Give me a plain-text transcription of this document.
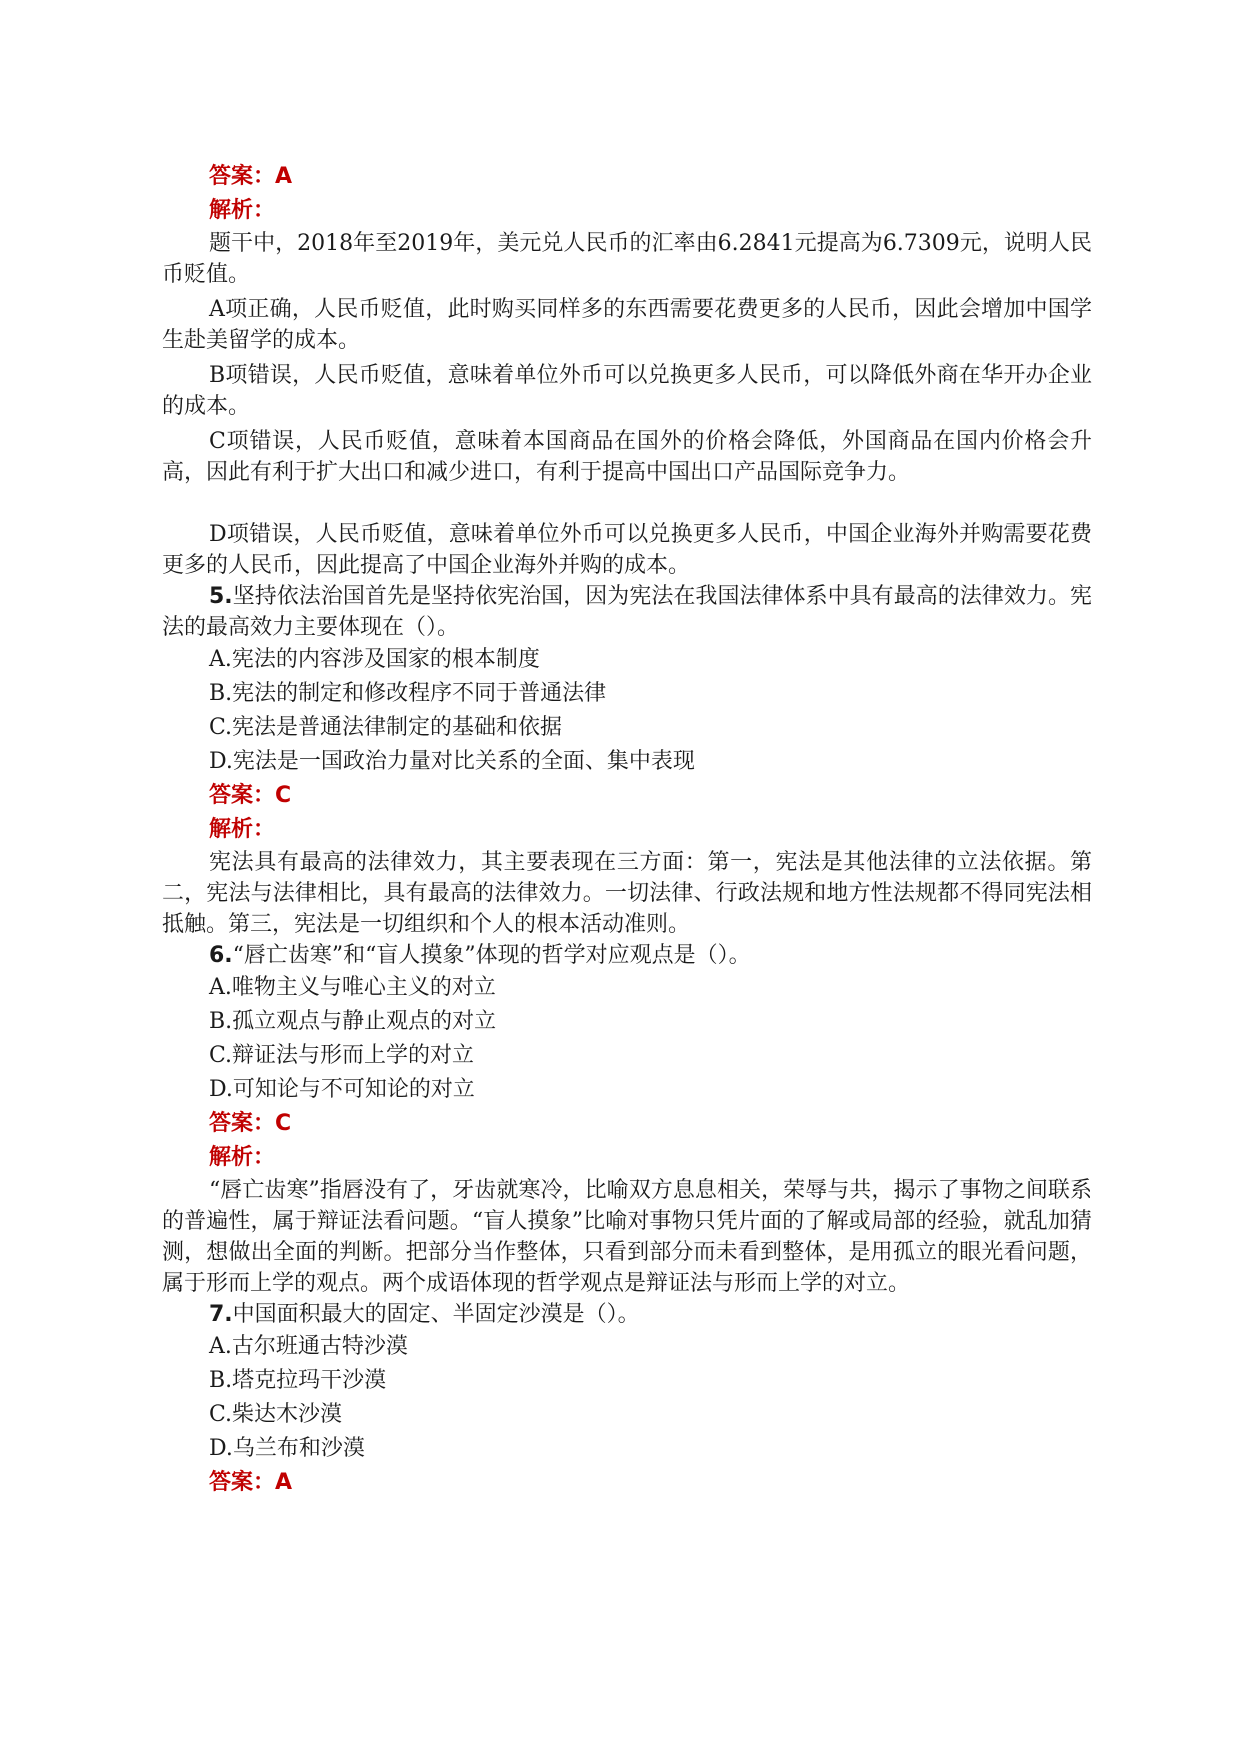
答案：A

解析：

题干中，2018年至2019年，美元兑人民币的汇率由6.2841元提高为6.7309元，说明人民币贬值。

A项正确，人民币贬值，此时购买同样多的东西需要花费更多的人民币，因此会增加中国学生赴美留学的成本。

B项错误，人民币贬值，意味着单位外币可以兑换更多人民币，可以降低外商在华开办企业的成本。

C项错误，人民币贬值，意味着本国商品在国外的价格会降低，外国商品在国内价格会升高，因此有利于扩大出口和减少进口，有利于提高中国出口产品国际竞争力。

D项错误，人民币贬值，意味着单位外币可以兑换更多人民币，中国企业海外并购需要花费更多的人民币，因此提高了中国企业海外并购的成本。

5.坚持依法治国首先是坚持依宪治国，因为宪法在我国法律体系中具有最高的法律效力。宪法的最高效力主要体现在（）。

A.宪法的内容涉及国家的根本制度

B.宪法的制定和修改程序不同于普通法律

C.宪法是普通法律制定的基础和依据

D.宪法是一国政治力量对比关系的全面、集中表现

答案：C

解析：

宪法具有最高的法律效力，其主要表现在三方面：第一，宪法是其他法律的立法依据。第二，宪法与法律相比，具有最高的法律效力。一切法律、行政法规和地方性法规都不得同宪法相抵触。第三，宪法是一切组织和个人的根本活动准则。

6.“唇亡齿寒”和“盲人摸象”体现的哲学对应观点是（）。

A.唯物主义与唯心主义的对立

B.孤立观点与静止观点的对立

C.辩证法与形而上学的对立

D.可知论与不可知论的对立

答案：C

解析：

“唇亡齿寒”指唇没有了，牙齿就寒冷，比喻双方息息相关，荣辱与共，揭示了事物之间联系的普遍性，属于辩证法看问题。“盲人摸象”比喻对事物只凭片面的了解或局部的经验，就乱加猜测，想做出全面的判断。把部分当作整体，只看到部分而未看到整体，是用孤立的眼光看问题，属于形而上学的观点。两个成语体现的哲学观点是辩证法与形而上学的对立。

7.中国面积最大的固定、半固定沙漠是（）。

A.古尔班通古特沙漠

B.塔克拉玛干沙漠

C.柴达木沙漠

D.乌兰布和沙漠

答案：A
